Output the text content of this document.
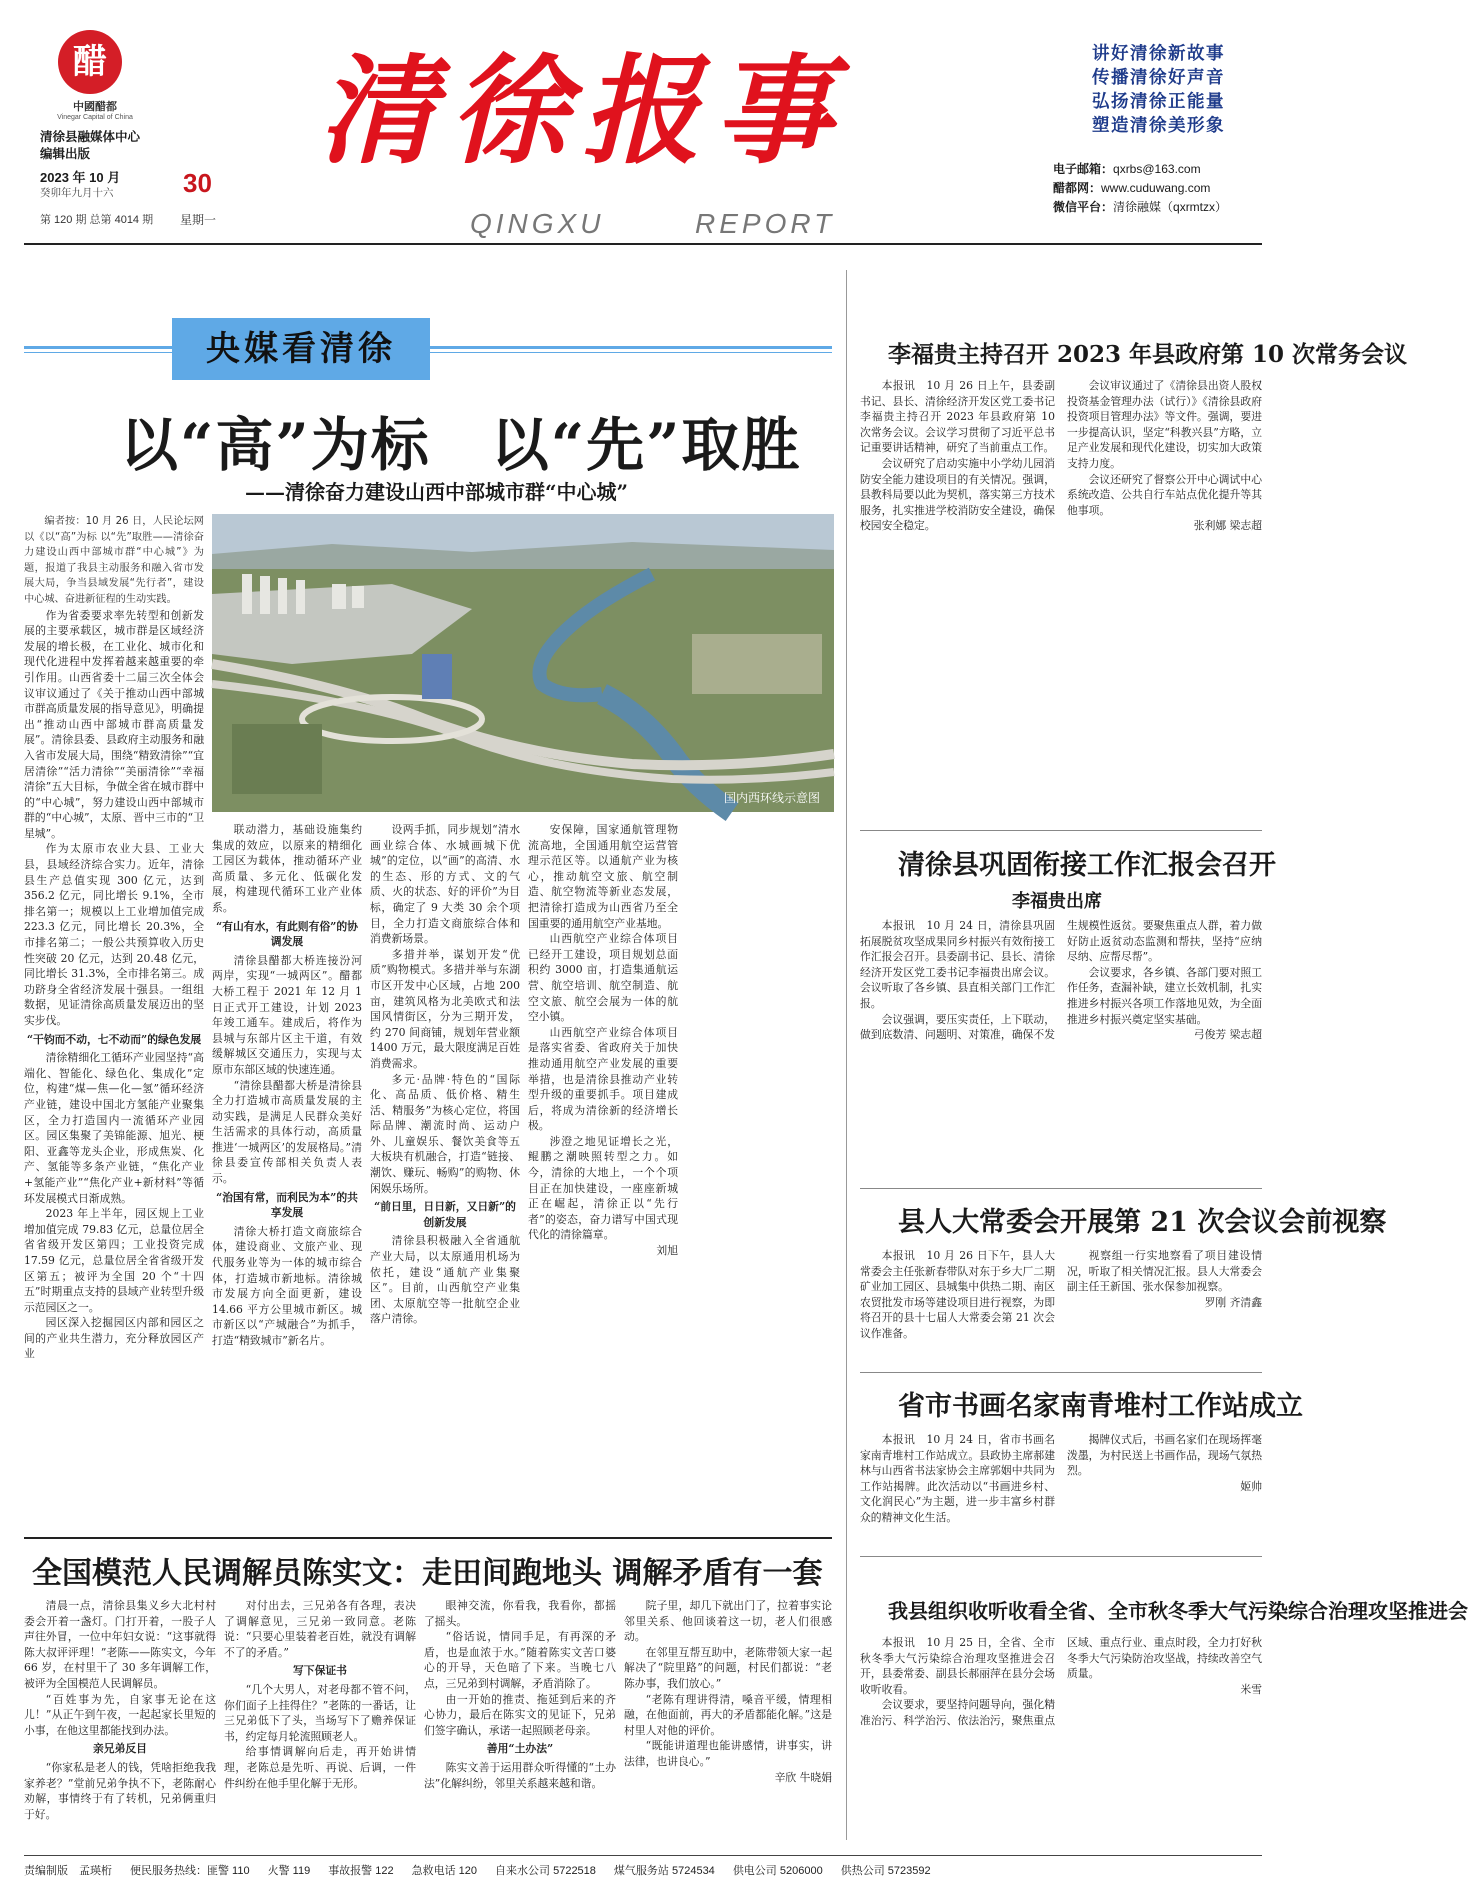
醋
中國醋都
Vinegar Capital of China
清徐县融媒体中心
编辑出版
2023 年 10 月 30
癸卯年九月十六
第 120 期 总第 4014 期 星期一
清徐报事
QINGXU	REPORT
讲好清徐新故事
传播清徐好声音
弘扬清徐正能量
塑造清徐美形象
电子邮箱：qxrbs@163.com
醋都网：www.cuduwang.com
微信平台：清徐融媒（qxrmtzx）
央媒看清徐
以“高”为标　以“先”取胜
——清徐奋力建设山西中部城市群“中心城”
国内西环线示意图

编者按：10 月 26 日，人民论坛网以《以“高”为标 以“先”取胜——清徐奋力建设山西中部城市群“中心城”》为题，报道了我县主动服务和融入省市发展大局，争当县域发展“先行者”，建设中心城、奋进新征程的生动实践。

作为省委要求率先转型和创新发展的主要承载区，城市群是区域经济发展的增长极，在工业化、城市化和现代化进程中发挥着越来越重要的牵引作用。山西省委十二届三次全体会议审议通过了《关于推动山西中部城市群高质量发展的指导意见》，明确提出“推动山西中部城市群高质量发展”。清徐县委、县政府主动服务和融入省市发展大局，围绕“精致清徐”“宜居清徐”“活力清徐”“美丽清徐”“幸福清徐”五大目标，争做全省在城市群中的“中心城”，努力建设山西中部城市群的“中心城”，太原、晋中三市的“卫星城”。

作为太原市农业大县、工业大县，县域经济综合实力。近年，清徐县生产总值实现 300 亿元，达到 356.2 亿元，同比增长 9.1%，全市排名第一；规模以上工业增加值完成 223.3 亿元，同比增长 20.3%，全市排名第二；一般公共预算收入历史性突破 20 亿元，达到 20.48 亿元，同比增长 31.3%，全市排名第三。成功跻身全省经济发展十强县。一组组数据，见证清徐高质量发展迈出的坚实步伐。

“干钧而不动，七不动而”的绿色发展

清徐精细化工循环产业园坚持“高端化、智能化、绿色化、集成化”定位，构建“煤—焦—化—氢”循环经济产业链，建设中国北方氢能产业聚集区，全力打造国内一流循环产业园区。园区集聚了美锦能源、旭光、梗阳、亚鑫等龙头企业，形成焦炭、化产、氢能等多条产业链，“焦化产业+氢能产业”“焦化产业+新材料”等循环发展模式日渐成熟。

2023 年上半年，园区规上工业增加值完成 79.83 亿元，总量位居全省省级开发区第四；工业投资完成 17.59 亿元，总量位居全省省级开发区第五；被评为全国 20 个“十四五”时期重点支持的县域产业转型升级示范园区之一。

园区深入挖掘园区内部和园区之间的产业共生潜力，充分释放园区产业

联动潜力，基础设施集约集成的效应，以原来的精细化工园区为载体，推动循环产业高质量、多元化、低碳化发展，构建现代循环工业产业体系。

“有山有水，有此则有俗”的协调发展

清徐县醋都大桥连接汾河两岸，实现“一城两区”。醋都大桥工程于 2021 年 12 月 1 日正式开工建设，计划 2023 年竣工通车。建成后，将作为县城与东部片区主干道，有效缓解城区交通压力，实现与太原市东部区域的快速连通。

“清徐县醋都大桥是清徐县全力打造城市高质量发展的主动实践，是满足人民群众美好生活需求的具体行动，高质量推进‘一城两区’的发展格局。”清徐县委宣传部相关负责人表示。

“治国有常，而利民为本”的共享发展

清徐大桥打造文商旅综合体，建设商业、文旅产业、现代服务业等为一体的城市综合体，打造城市新地标。清徐城市发展方向全面更新，建设 14.66 平方公里城市新区。城市新区以“产城融合”为抓手，打造“精致城市”新名片。

设两手抓，同步规划“清水画业综合体、水城画城下优城”的定位，以“画”的高清、水的生态、形的方式、文的气质、火的状态、好的评价”为目标，确定了 9 大类 30 余个项目，全力打造文商旅综合体和消费新场景。

多措并举，谋划开发“优质”购物模式。多措并举与东湖市区开发中心区域，占地 200 亩，建筑风格为北美欧式和法国风情街区，分为三期开发，约 270 间商铺，规划年营业额 1400 万元，最大限度满足百姓消费需求。

多元·品牌·特色的“国际化、高品质、低价格、精生活、精服务”为核心定位，将国际品牌、潮流时尚、运动户外、儿童娱乐、餐饮美食等五大板块有机融合，打造“链接、潮饮、赚玩、畅购”的购物、休闲娱乐场所。

“前日里，日日新，又日新”的创新发展

清徐县积极融入全省通航产业大局，以太原通用机场为依托，建设“通航产业集聚区”。目前，山西航空产业集团、太原航空等一批航空企业落户清徐。

安保障，国家通航管理物流高地，全国通用航空运营管理示范区等。以通航产业为核心，推动航空文旅、航空制造、航空物流等新业态发展，把清徐打造成为山西省乃至全国重要的通用航空产业基地。

山西航空产业综合体项目已经开工建设，项目规划总面积约 3000 亩，打造集通航运营、航空培训、航空制造、航空文旅、航空会展为一体的航空小镇。

山西航空产业综合体项目是落实省委、省政府关于加快推动通用航空产业发展的重要举措，也是清徐县推动产业转型升级的重要抓手。项目建成后，将成为清徐新的经济增长极。

涉澄之地见证增长之光，鲲鹏之潮映照转型之力。如今，清徐的大地上，一个个项目正在加快建设，一座座新城正在崛起，清徐正以“先行者”的姿态，奋力谱写中国式现代化的清徐篇章。

刘旭

全国模范人民调解员陈实文：走田间跑地头 调解矛盾有一套

清晨一点，清徐县集义乡大北村村委会开着一盏灯。门打开着，一股子人声往外冒，一位中年妇女说：“这事就得陈大叔评评理！”老陈——陈实文，今年 66 岁，在村里干了 30 多年调解工作，被评为全国模范人民调解员。

“百姓事为先，自家事无论在这儿！”从正午到午夜，一起起家长里短的小事，在他这里都能找到办法。

亲兄弟反目

“你家私是老人的钱，凭啥拒绝我我家养老？”堂前兄弟争执不下，老陈耐心劝解，事情终于有了转机，兄弟俩重归于好。

对付出去，三兄弟各有各理，表决了调解意见，三兄弟一致同意。老陈说：“只要心里装着老百姓，就没有调解不了的矛盾。”

写下保证书

“几个大男人，对老母都不管不问，你们面子上挂得住？”老陈的一番话，让三兄弟低下了头，当场写下了赡养保证书，约定每月轮流照顾老人。

给事情调解向后走，再开始讲情理，老陈总是先听、再说、后调，一件件纠纷在他手里化解于无形。

眼神交流，你看我，我看你，都摇了摇头。

“俗话说，情同手足，有再深的矛盾，也是血浓于水。”随着陈实文苦口婆心的开导，天色暗了下来。当晚七八点，三兄弟到村调解，矛盾消除了。

由一开始的推责、拖延到后来的齐心协力，最后在陈实文的见证下，兄弟们签字确认，承诺一起照顾老母亲。

善用“土办法”

陈实文善于运用群众听得懂的“土办法”化解纠纷，邻里关系越来越和谐。

院子里，却几下就出门了，拉着事实论邻里关系、他回谈着这一切，老人们很感动。

在邻里互帮互助中，老陈带领大家一起解决了“院里路”的问题，村民们都说：“老陈办事，我们放心。”

“老陈有理讲得清，嗓音平缓，情理相融，在他面前，再大的矛盾都能化解。”这是村里人对他的评价。

“既能讲道理也能讲感情，讲事实，讲法律，也讲良心。”

辛欣 牛晓娟

李福贵主持召开 2023 年县政府第 10 次常务会议

本报讯　10 月 26 日上午，县委副书记、县长、清徐经济开发区党工委书记李福贵主持召开 2023 年县政府第 10 次常务会议。会议学习贯彻了习近平总书记重要讲话精神，研究了当前重点工作。

会议研究了启动实施中小学幼儿园消防安全能力建设项目的有关情况。强调，县教科局要以此为契机，落实第三方技术服务，扎实推进学校消防安全建设，确保校园安全稳定。

会议审议通过了《清徐县出资人股权投资基金管理办法（试行）》《清徐县政府投资项目管理办法》等文件。强调，要进一步提高认识，坚定“科教兴县”方略，立足产业发展和现代化建设，切实加大政策支持力度。

会议还研究了督察公开中心调试中心系统改造、公共自行车站点优化提升等其他事项。

张利娜 梁志超

清徐县巩固衔接工作汇报会召开
李福贵出席

本报讯　10 月 24 日，清徐县巩固拓展脱贫攻坚成果同乡村振兴有效衔接工作汇报会召开。县委副书记、县长、清徐经济开发区党工委书记李福贵出席会议。会议听取了各乡镇、县直相关部门工作汇报。

会议强调，要压实责任，上下联动，做到底数清、问题明、对策准，确保不发生规模性返贫。要聚焦重点人群，着力做好防止返贫动态监测和帮扶，坚持“应纳尽纳、应帮尽帮”。

会议要求，各乡镇、各部门要对照工作任务，查漏补缺，建立长效机制，扎实推进乡村振兴各项工作落地见效，为全面推进乡村振兴奠定坚实基础。

弓俊芳 梁志超

县人大常委会开展第 21 次会议会前视察

本报讯　10 月 26 日下午，县人大常委会主任张新春带队对东于乡大厂二期矿业加工园区、县城集中供热二期、南区农贸批发市场等建设项目进行视察，为即将召开的县十七届人大常委会第 21 次会议作准备。

视察组一行实地察看了项目建设情况，听取了相关情况汇报。县人大常委会副主任王新国、张水保参加视察。

罗刚 齐清鑫

省市书画名家南青堆村工作站成立

本报讯　10 月 24 日，省市书画名家南青堆村工作站成立。县政协主席郝建林与山西省书法家协会主席郭姻中共同为工作站揭牌。此次活动以“书画进乡村、文化润民心”为主题，进一步丰富乡村群众的精神文化生活。

揭牌仪式后，书画名家们在现场挥毫泼墨，为村民送上书画作品，现场气氛热烈。

姬帅

我县组织收听收看全省、全市秋冬季大气污染综合治理攻坚推进会

本报讯　10 月 25 日，全省、全市秋冬季大气污染综合治理攻坚推进会召开，县委常委、副县长郝丽萍在县分会场收听收看。

会议要求，要坚持问题导向，强化精准治污、科学治污、依法治污，聚焦重点区域、重点行业、重点时段，全力打好秋冬季大气污染防治攻坚战，持续改善空气质量。

米雪

责编制版　孟瑛桁 便民服务热线：匪警 110 火警 119 事故报警 122 急救电话 120 自来水公司 5722518 煤气服务站 5724534 供电公司 5206000 供热公司 5723592
